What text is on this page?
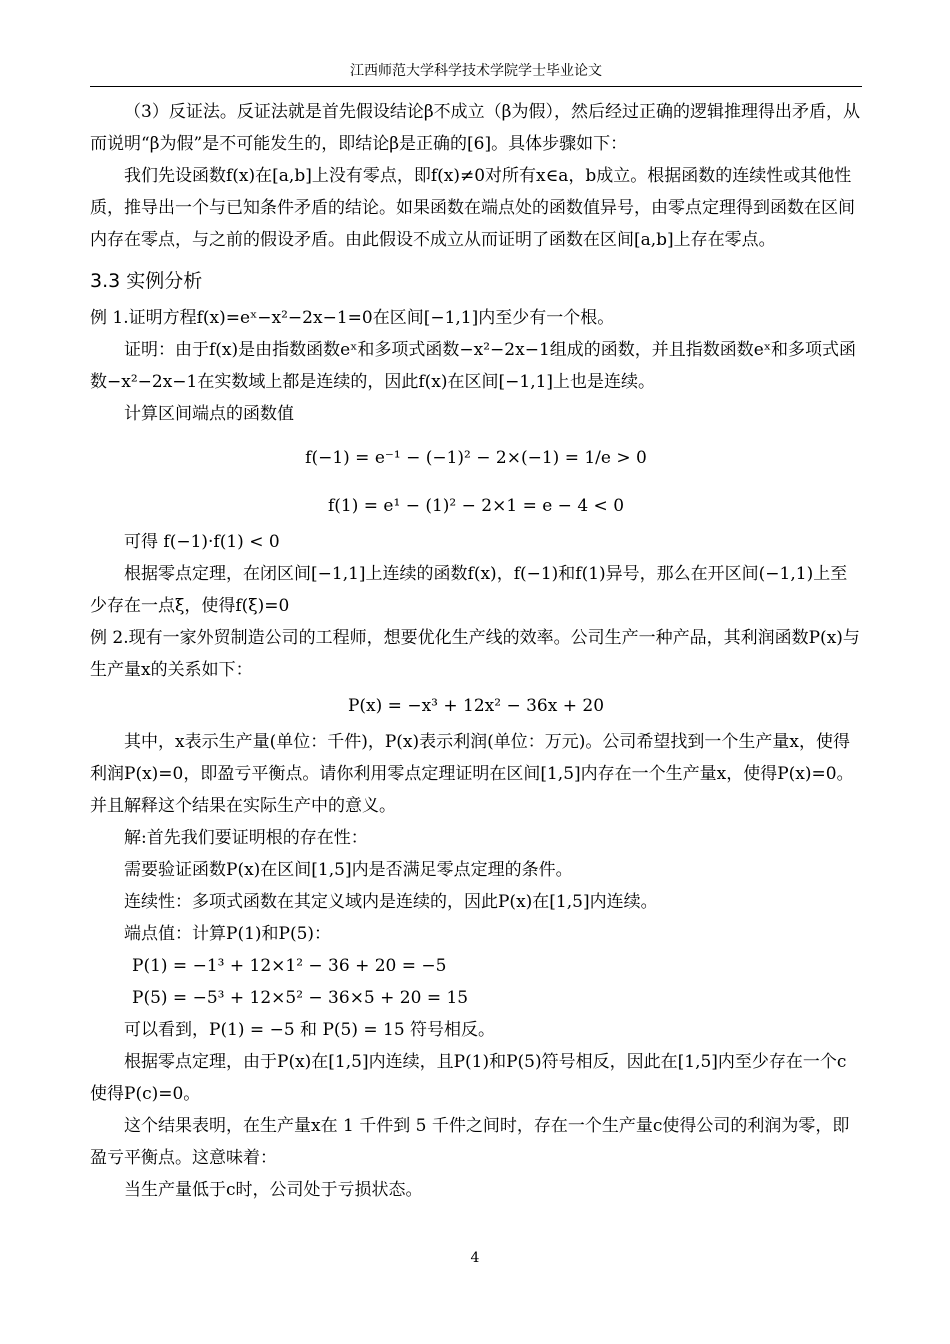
江西师范大学科学技术学院学士毕业论文

（3）反证法。反证法就是首先假设结论β不成立（β为假），然后经过正确的逻辑推理得出矛盾，从而说明“β为假”是不可能发生的，即结论β是正确的[6]。具体步骤如下：

我们先设函数f(x)在[a,b]上没有零点，即f(x)≠0对所有x∈a，b成立。根据函数的连续性或其他性质，推导出一个与已知条件矛盾的结论。如果函数在端点处的函数值异号，由零点定理得到函数在区间内存在零点，与之前的假设矛盾。由此假设不成立从而证明了函数在区间[a,b]上存在零点。

3.3 实例分析

例 1.证明方程f(x)=eˣ−x²−2x−1=0在区间[−1,1]内至少有一个根。

证明：由于f(x)是由指数函数eˣ和多项式函数−x²−2x−1组成的函数，并且指数函数eˣ和多项式函数−x²−2x−1在实数域上都是连续的，因此f(x)在区间[−1,1]上也是连续。

计算区间端点的函数值

f(−1) = e⁻¹ − (−1)² − 2×(−1) = 1/e > 0

f(1) = e¹ − (1)² − 2×1 = e − 4 < 0

可得 f(−1)·f(1) < 0

根据零点定理，在闭区间[−1,1]上连续的函数f(x)，f(−1)和f(1)异号，那么在开区间(−1,1)上至少存在一点ξ，使得f(ξ)=0

例 2.现有一家外贸制造公司的工程师，想要优化生产线的效率。公司生产一种产品，其利润函数P(x)与生产量x的关系如下：

P(x) = −x³ + 12x² − 36x + 20

其中，x表示生产量(单位：千件)，P(x)表示利润(单位：万元)。公司希望找到一个生产量x，使得利润P(x)=0，即盈亏平衡点。请你利用零点定理证明在区间[1,5]内存在一个生产量x，使得P(x)=0。并且解释这个结果在实际生产中的意义。

解:首先我们要证明根的存在性：

需要验证函数P(x)在区间[1,5]内是否满足零点定理的条件。

连续性：多项式函数在其定义域内是连续的，因此P(x)在[1,5]内连续。

端点值：计算P(1)和P(5)：

P(1) = −1³ + 12×1² − 36 + 20 = −5

P(5) = −5³ + 12×5² − 36×5 + 20 = 15

可以看到，P(1) = −5 和 P(5) = 15 符号相反。

根据零点定理，由于P(x)在[1,5]内连续，且P(1)和P(5)符号相反，因此在[1,5]内至少存在一个c使得P(c)=0。

这个结果表明，在生产量x在 1 千件到 5 千件之间时，存在一个生产量c使得公司的利润为零，即盈亏平衡点。这意味着：

当生产量低于c时，公司处于亏损状态。

4
